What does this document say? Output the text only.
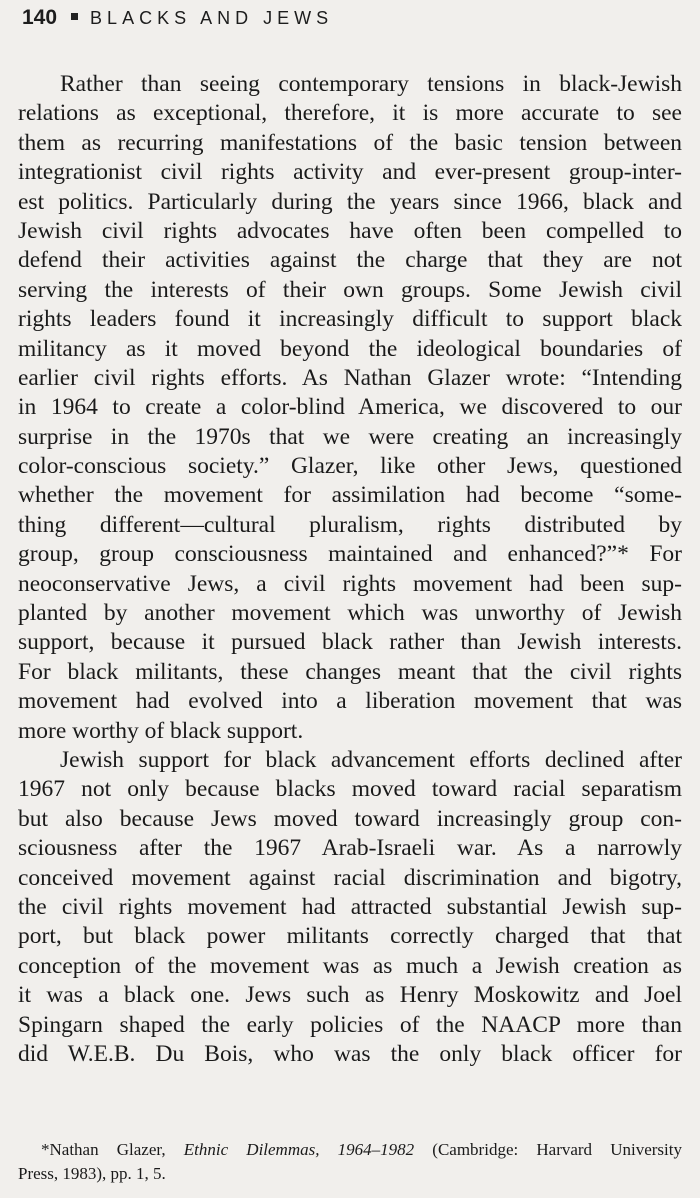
140 BLACKS AND JEWS
Rather than seeing contemporary tensions in black-Jewish
relations as exceptional, therefore, it is more accurate to see
them as recurring manifestations of the basic tension between
integrationist civil rights activity and ever-present group-inter-
est politics. Particularly during the years since 1966, black and
Jewish civil rights advocates have often been compelled to
defend their activities against the charge that they are not
serving the interests of their own groups. Some Jewish civil
rights leaders found it increasingly difficult to support black
militancy as it moved beyond the ideological boundaries of
earlier civil rights efforts. As Nathan Glazer wrote: “Intending
in 1964 to create a color-blind America, we discovered to our
surprise in the 1970s that we were creating an increasingly
color-conscious society.” Glazer, like other Jews, questioned
whether the movement for assimilation had become “some-
thing different—cultural pluralism, rights distributed by
group, group consciousness maintained and enhanced?”* For
neoconservative Jews, a civil rights movement had been sup-
planted by another movement which was unworthy of Jewish
support, because it pursued black rather than Jewish interests.
For black militants, these changes meant that the civil rights
movement had evolved into a liberation movement that was
more worthy of black support.
Jewish support for black advancement efforts declined after
1967 not only because blacks moved toward racial separatism
but also because Jews moved toward increasingly group con-
sciousness after the 1967 Arab-Israeli war. As a narrowly
conceived movement against racial discrimination and bigotry,
the civil rights movement had attracted substantial Jewish sup-
port, but black power militants correctly charged that that
conception of the movement was as much a Jewish creation as
it was a black one. Jews such as Henry Moskowitz and Joel
Spingarn shaped the early policies of the NAACP more than
did W.E.B. Du Bois, who was the only black officer for
*Nathan Glazer, Ethnic Dilemmas, 1964–1982 (Cambridge: Harvard University
Press, 1983), pp. 1, 5.
